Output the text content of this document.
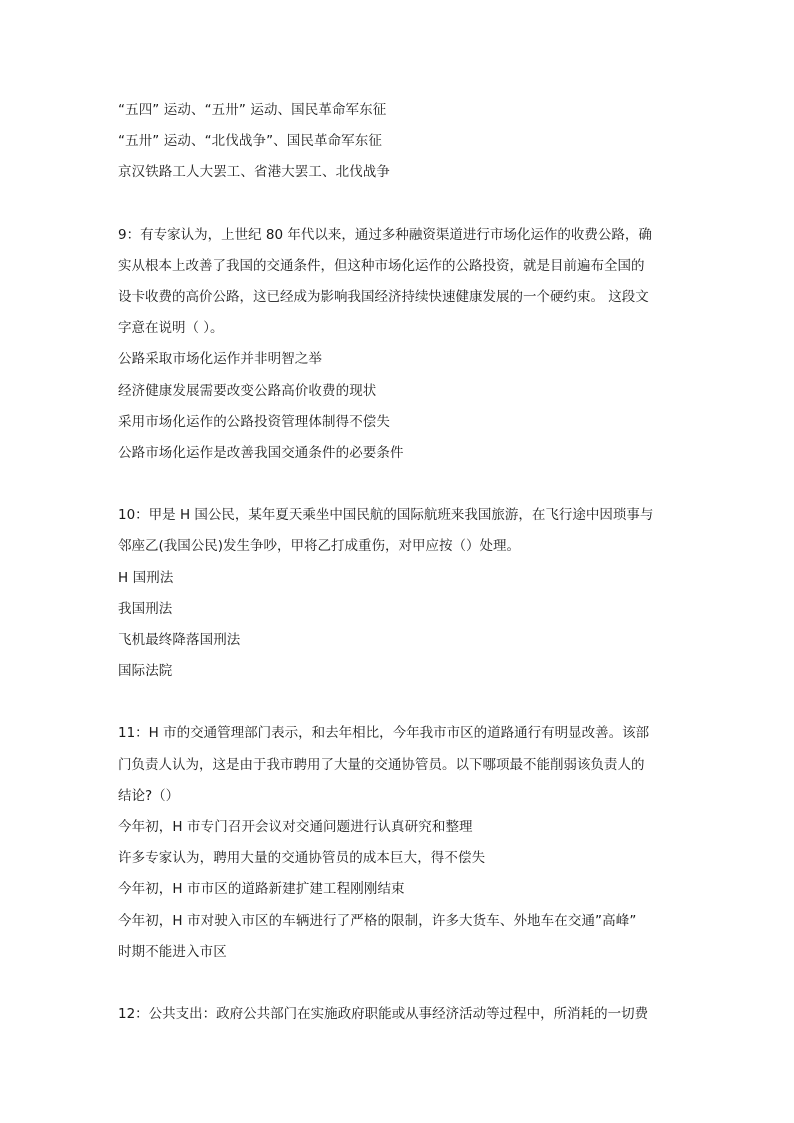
“五四” 运动、“五卅” 运动、国民革命军东征
“五卅” 运动、“北伐战争”、国民革命军东征
京汉铁路工人大罢工、省港大罢工、北伐战争
9：有专家认为，上世纪 80 年代以来，通过多种融资渠道进行市场化运作的收费公路，确
实从根本上改善了我国的交通条件，但这种市场化运作的公路投资，就是目前遍布全国的
设卡收费的高价公路，这已经成为影响我国经济持续快速健康发展的一个硬约束。 这段文
字意在说明（ ）。
公路采取市场化运作并非明智之举
经济健康发展需要改变公路高价收费的现状
采用市场化运作的公路投资管理体制得不偿失
公路市场化运作是改善我国交通条件的必要条件
10：甲是 H 国公民，某年夏天乘坐中国民航的国际航班来我国旅游，在飞行途中因琐事与
邻座乙(我国公民)发生争吵，甲将乙打成重伤，对甲应按（）处理。
H 国刑法
我国刑法
飞机最终降落国刑法
国际法院
11：H 市的交通管理部门表示，和去年相比，今年我市市区的道路通行有明显改善。该部
门负责人认为，这是由于我市聘用了大量的交通协管员。以下哪项最不能削弱该负责人的
结论?（）
今年初，H 市专门召开会议对交通问题进行认真研究和整理
许多专家认为，聘用大量的交通协管员的成本巨大，得不偿失
今年初，H 市市区的道路新建扩建工程刚刚结束
今年初，H 市对驶入市区的车辆进行了严格的限制，许多大货车、外地车在交通”高峰”
时期不能进入市区
12：公共支出：政府公共部门在实施政府职能或从事经济活动等过程中，所消耗的一切费
